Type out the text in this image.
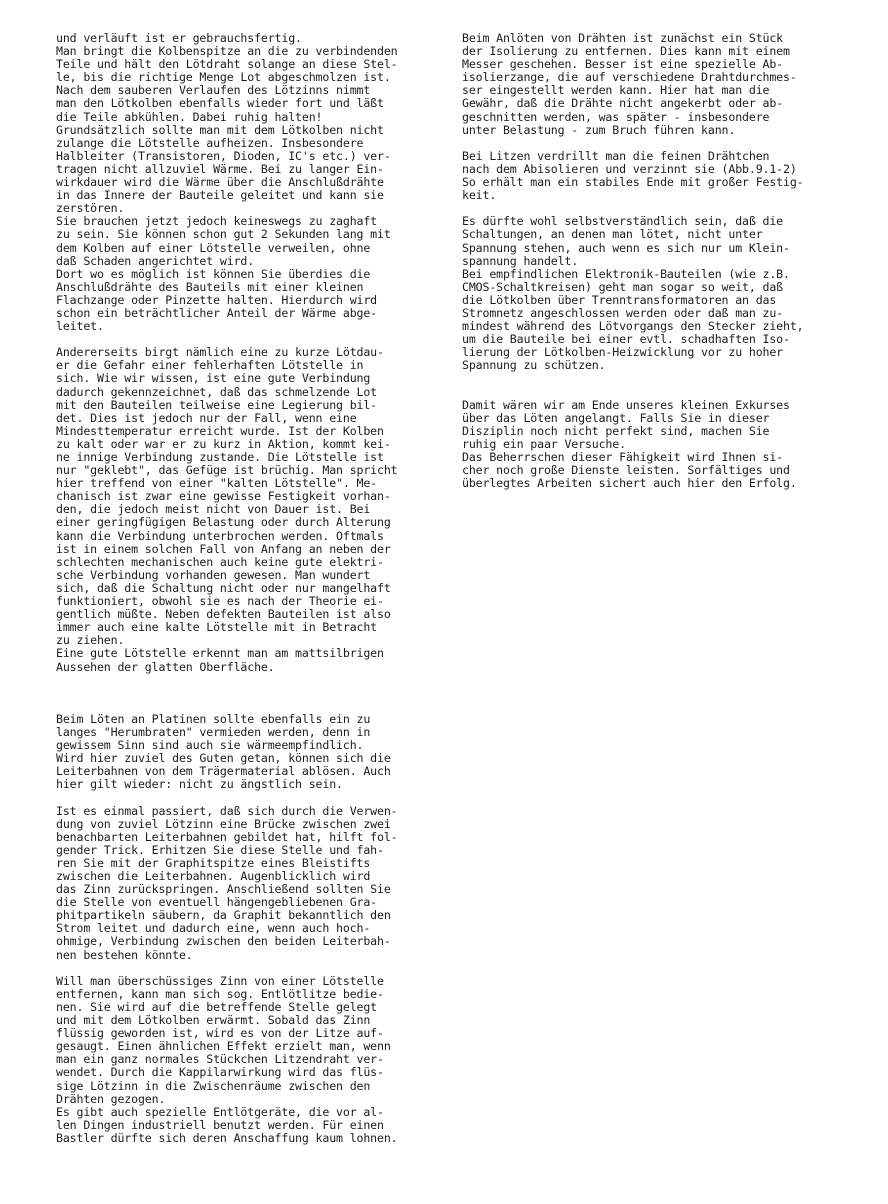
und verläuft ist er gebrauchsfertig.

Man bringt die Kolbenspitze an die zu verbindenden

Teile und hält den Lötdraht solange an diese Stel-

le, bis die richtige Menge Lot abgeschmolzen ist.

Nach dem sauberen Verlaufen des Lötzinns nimmt

man den Lötkolben ebenfalls wieder fort und läßt

die Teile abkühlen. Dabei ruhig halten!

Grundsätzlich sollte man mit dem Lötkolben nicht

zulange die Lötstelle aufheizen. Insbesondere

Halbleiter (Transistoren, Dioden, IC's etc.) ver-

tragen nicht allzuviel Wärme. Bei zu langer Ein-

wirkdauer wird die Wärme über die Anschlußdrähte

in das Innere der Bauteile geleitet und kann sie

zerstören.

Sie brauchen jetzt jedoch keineswegs zu zaghaft

zu sein. Sie können schon gut 2 Sekunden lang mit

dem Kolben auf einer Lötstelle verweilen, ohne

daß Schaden angerichtet wird.

Dort wo es möglich ist können Sie überdies die

Anschlußdrähte des Bauteils mit einer kleinen

Flachzange oder Pinzette halten. Hierdurch wird

schon ein beträchtlicher Anteil der Wärme abge-

leitet.

Andererseits birgt nämlich eine zu kurze Lötdau-

er die Gefahr einer fehlerhaften Lötstelle in

sich. Wie wir wissen, ist eine gute Verbindung

dadurch gekennzeichnet, daß das schmelzende Lot

mit den Bauteilen teilweise eine Legierung bil-

det. Dies ist jedoch nur der Fall, wenn eine

Mindesttemperatur erreicht wurde. Ist der Kolben

zu kalt oder war er zu kurz in Aktion, kommt kei-

ne innige Verbindung zustande. Die Lötstelle ist

nur "geklebt", das Gefüge ist brüchig. Man spricht

hier treffend von einer "kalten Lötstelle". Me-

chanisch ist zwar eine gewisse Festigkeit vorhan-

den, die jedoch meist nicht von Dauer ist. Bei

einer geringfügigen Belastung oder durch Alterung

kann die Verbindung unterbrochen werden. Oftmals

ist in einem solchen Fall von Anfang an neben der

schlechten mechanischen auch keine gute elektri-

sche Verbindung vorhanden gewesen. Man wundert

sich, daß die Schaltung nicht oder nur mangelhaft

funktioniert, obwohl sie es nach der Theorie ei-

gentlich müßte. Neben defekten Bauteilen ist also

immer auch eine kalte Lötstelle mit in Betracht

zu ziehen.

Eine gute Lötstelle erkennt man am mattsilbrigen

Aussehen der glatten Oberfläche.

Beim Löten an Platinen sollte ebenfalls ein zu

langes "Herumbraten" vermieden werden, denn in

gewissem Sinn sind auch sie wärmeempfindlich.

Wird hier zuviel des Guten getan, können sich die

Leiterbahnen von dem Trägermaterial ablösen. Auch

hier gilt wieder: nicht zu ängstlich sein.

Ist es einmal passiert, daß sich durch die Verwen-

dung von zuviel Lötzinn eine Brücke zwischen zwei

benachbarten Leiterbahnen gebildet hat, hilft fol-

gender Trick. Erhitzen Sie diese Stelle und fah-

ren Sie mit der Graphitspitze eines Bleistifts

zwischen die Leiterbahnen. Augenblicklich wird

das Zinn zurückspringen. Anschließend sollten Sie

die Stelle von eventuell hängengebliebenen Gra-

phitpartikeln säubern, da Graphit bekanntlich den

Strom leitet und dadurch eine, wenn auch hoch-

ohmige, Verbindung zwischen den beiden Leiterbah-

nen bestehen könnte.

Will man überschüssiges Zinn von einer Lötstelle

entfernen, kann man sich sog. Entlötlitze bedie-

nen. Sie wird auf die betreffende Stelle gelegt

und mit dem Lötkolben erwärmt. Sobald das Zinn

flüssig geworden ist, wird es von der Litze auf-

gesaugt. Einen ähnlichen Effekt erzielt man, wenn

man ein ganz normales Stückchen Litzendraht ver-

wendet. Durch die Kappilarwirkung wird das flüs-

sige Lötzinn in die Zwischenräume zwischen den

Drähten gezogen.

Es gibt auch spezielle Entlötgeräte, die vor al-

len Dingen industriell benutzt werden. Für einen

Bastler dürfte sich deren Anschaffung kaum lohnen.

Beim Anlöten von Drähten ist zunächst ein Stück

der Isolierung zu entfernen. Dies kann mit einem

Messer geschehen. Besser ist eine spezielle Ab-

isolierzange, die auf verschiedene Drahtdurchmes-

ser eingestellt werden kann. Hier hat man die

Gewähr, daß die Drähte nicht angekerbt oder ab-

geschnitten werden, was später - insbesondere

unter Belastung - zum Bruch führen kann.

Bei Litzen verdrillt man die feinen Drähtchen

nach dem Abisolieren und verzinnt sie (Abb.9.1-2)

So erhält man ein stabiles Ende mit großer Festig-

keit.

Es dürfte wohl selbstverständlich sein, daß die

Schaltungen, an denen man lötet, nicht unter

Spannung stehen, auch wenn es sich nur um Klein-

spannung handelt.

Bei empfindlichen Elektronik-Bauteilen (wie z.B.

CMOS-Schaltkreisen) geht man sogar so weit, daß

die Lötkolben über Trenntransformatoren an das

Stromnetz angeschlossen werden oder daß man zu-

mindest während des Lötvorgangs den Stecker zieht,

um die Bauteile bei einer evtl. schadhaften Iso-

lierung der Lötkolben-Heizwicklung vor zu hoher

Spannung zu schützen.

Damit wären wir am Ende unseres kleinen Exkurses

über das Löten angelangt. Falls Sie in dieser

Disziplin noch nicht perfekt sind, machen Sie

ruhig ein paar Versuche.

Das Beherrschen dieser Fähigkeit wird Ihnen si-

cher noch große Dienste leisten. Sorfältiges und

überlegtes Arbeiten sichert auch hier den Erfolg.
